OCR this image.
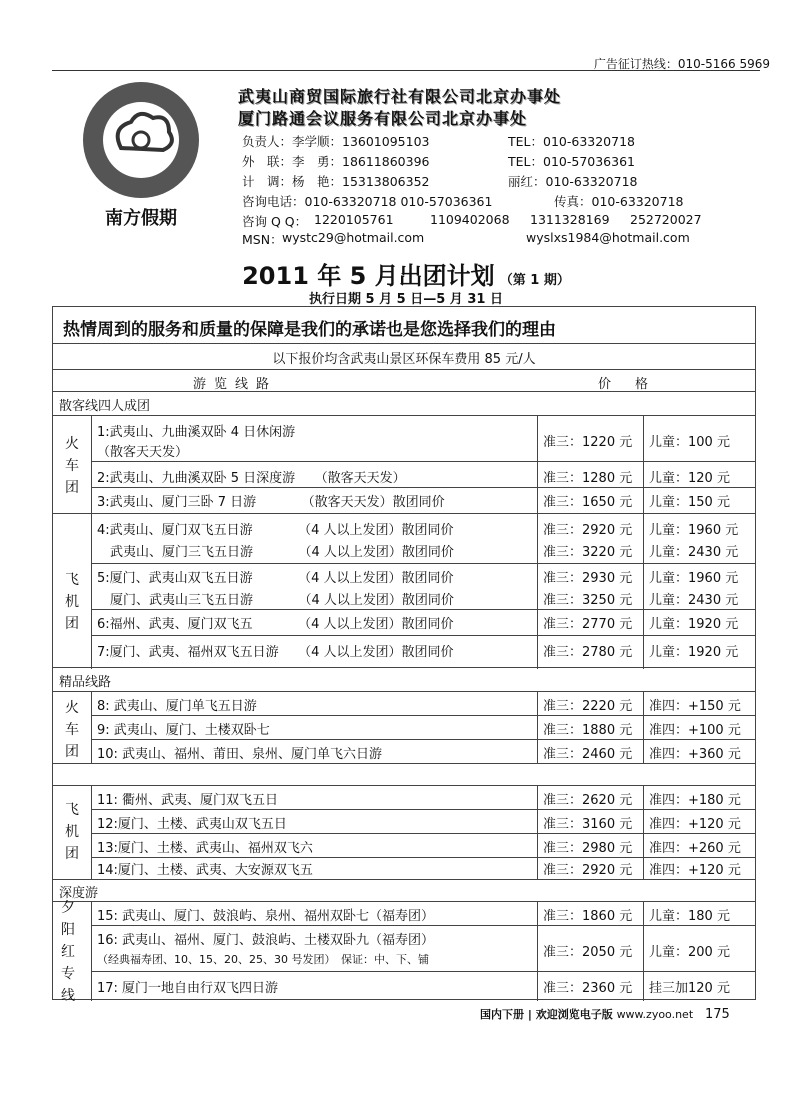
广告征订热线：010-5166 5969
南方假期
武夷山商贸国际旅行社有限公司北京办事处
厦门路通会议服务有限公司北京办事处
负责人：李学顺：13601095103	TEL：010-63320718
外　联：李　勇：18611860396	TEL：010-57036361
计　调：杨　艳：15313806352	丽红：010-63320718
咨询电话：010-63320718 010-57036361	传真：010-63320718
咨询 Q Q： 1220105761	1109402068 1311328169 252720027
MSN： wystc29@hotmail.com	wyslxs1984@hotmail.com
2011 年 5 月出团计划 （第 1 期）
执行日期 5 月 5 日—5 月 31 日
热情周到的服务和质量的保障是我们的承诺也是您选择我们的理由
以下报价均含武夷山景区环保车费用 85 元/人
游览线路	价格
散客线四人成团
火
车
团
1:武夷山、九曲溪双卧 4 日休闲游
（散客天天发）
准三：1220 元 儿童：100 元
2:武夷山、九曲溪双卧 5 日深度游　　（散客天天发）	准三：1280 元 儿童：120 元
3:武夷山、厦门三卧 7 日游　　　　（散客天天发）散团同价	准三：1650 元 儿童：150 元
飞
机
团
4:武夷山、厦门双飞五日游　　　　（4 人以上发团）散团同价	准三：2920 元 儿童：1960 元
　武夷山、厦门三飞五日游　　　　（4 人以上发团）散团同价	准三：3220 元 儿童：2430 元
5:厦门、武夷山双飞五日游　　　　（4 人以上发团）散团同价	准三：2930 元 儿童：1960 元
　厦门、武夷山三飞五日游　　　　（4 人以上发团）散团同价	准三：3250 元 儿童：2430 元
6:福州、武夷、厦门双飞五　　　　（4 人以上发团）散团同价	准三：2770 元 儿童：1920 元
7:厦门、武夷、福州双飞五日游　　（4 人以上发团）散团同价	准三：2780 元 儿童：1920 元
精品线路
火
车
团
8: 武夷山、厦门单飞五日游	准三：2220 元 准四：+150 元
9: 武夷山、厦门、土楼双卧七	准三：1880 元 准四：+100 元
10: 武夷山、福州、莆田、泉州、厦门单飞六日游	准三：2460 元 准四：+360 元
飞
机
团
11: 衢州、武夷、厦门双飞五日	准三：2620 元 准四：+180 元
12:厦门、土楼、武夷山双飞五日	准三：3160 元 准四：+120 元
13:厦门、土楼、武夷山、福州双飞六	准三：2980 元 准四：+260 元
14:厦门、土楼、武夷、大安源双飞五	准三：2920 元 准四：+120 元
深度游
夕
阳
红
专
线
15: 武夷山、厦门、鼓浪屿、泉州、福州双卧七（福寿团）	准三：1860 元 儿童：180 元
16: 武夷山、福州、厦门、鼓浪屿、土楼双卧九（福寿团）
（经典福寿团、10、15、20、25、30 号发团）　保证：中、下、铺	准三：2050 元 儿童：200 元
17: 厦门一地自由行双飞四日游	准三：2360 元 挂三加120 元
国内下册 | 欢迎浏览电子版 www.zyoo.net 175
